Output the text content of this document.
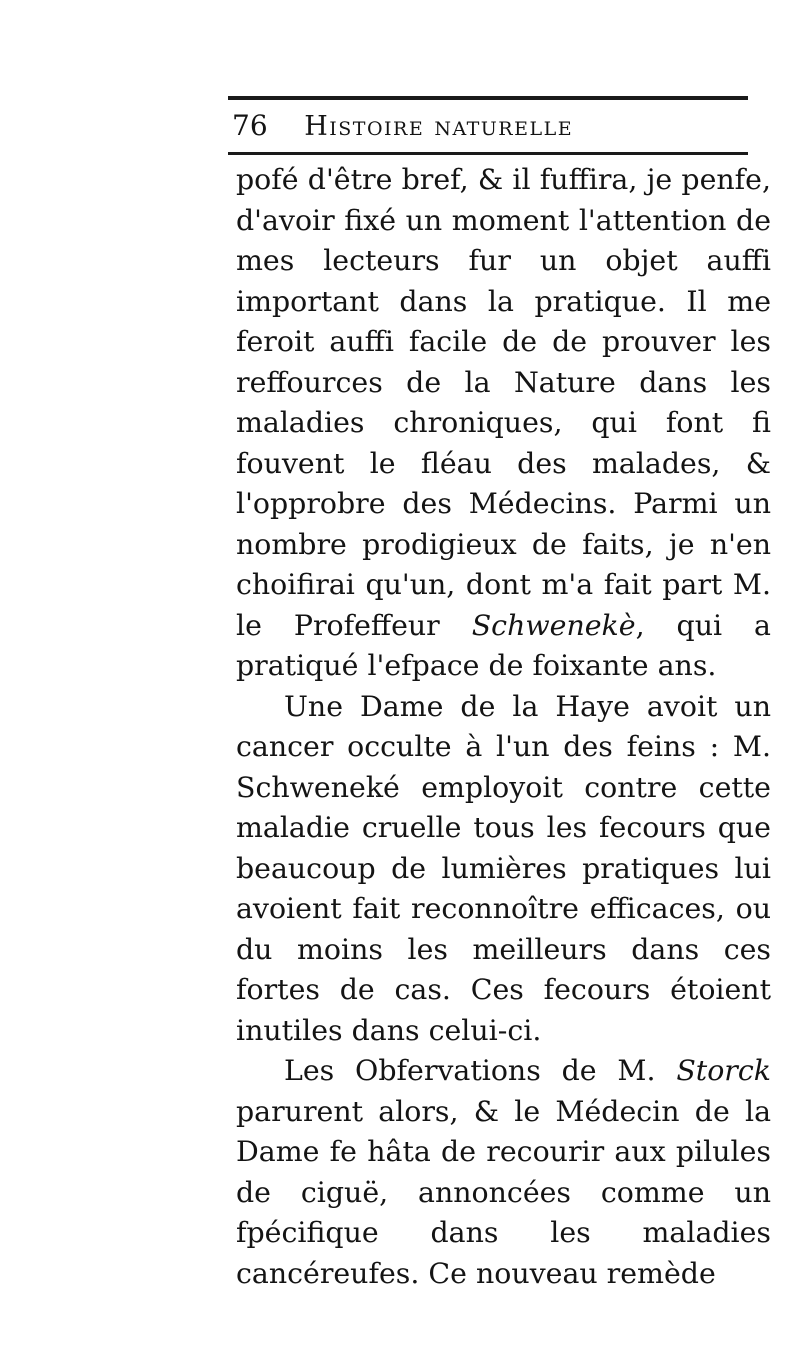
76 Histoire naturelle

pofé d'être bref, & il fuffira, je penfe, d'avoir fixé un moment l'attention de mes lecteurs fur un objet auffi important dans la pratique. Il me feroit auffi facile de de prouver les reffources de la Nature dans les maladies chroniques, qui font fi fouvent le fléau des malades, & l'opprobre des Médecins. Parmi un nombre prodigieux de faits, je n'en choifirai qu'un, dont m'a fait part M. le Profeffeur Schwenekè, qui a pratiqué l'efpace de foixante ans.

Une Dame de la Haye avoit un cancer occulte à l'un des feins : M. Schweneké employoit contre cette maladie cruelle tous les fecours que beaucoup de lumières pratiques lui avoient fait reconnoître efficaces, ou du moins les meilleurs dans ces fortes de cas. Ces fecours étoient inutiles dans celui-ci.

Les Obfervations de M. Storck parurent alors, & le Médecin de la Dame fe hâta de recourir aux pilules de ciguë, annoncées comme un fpécifique dans les maladies cancéreufes. Ce nouveau remède
